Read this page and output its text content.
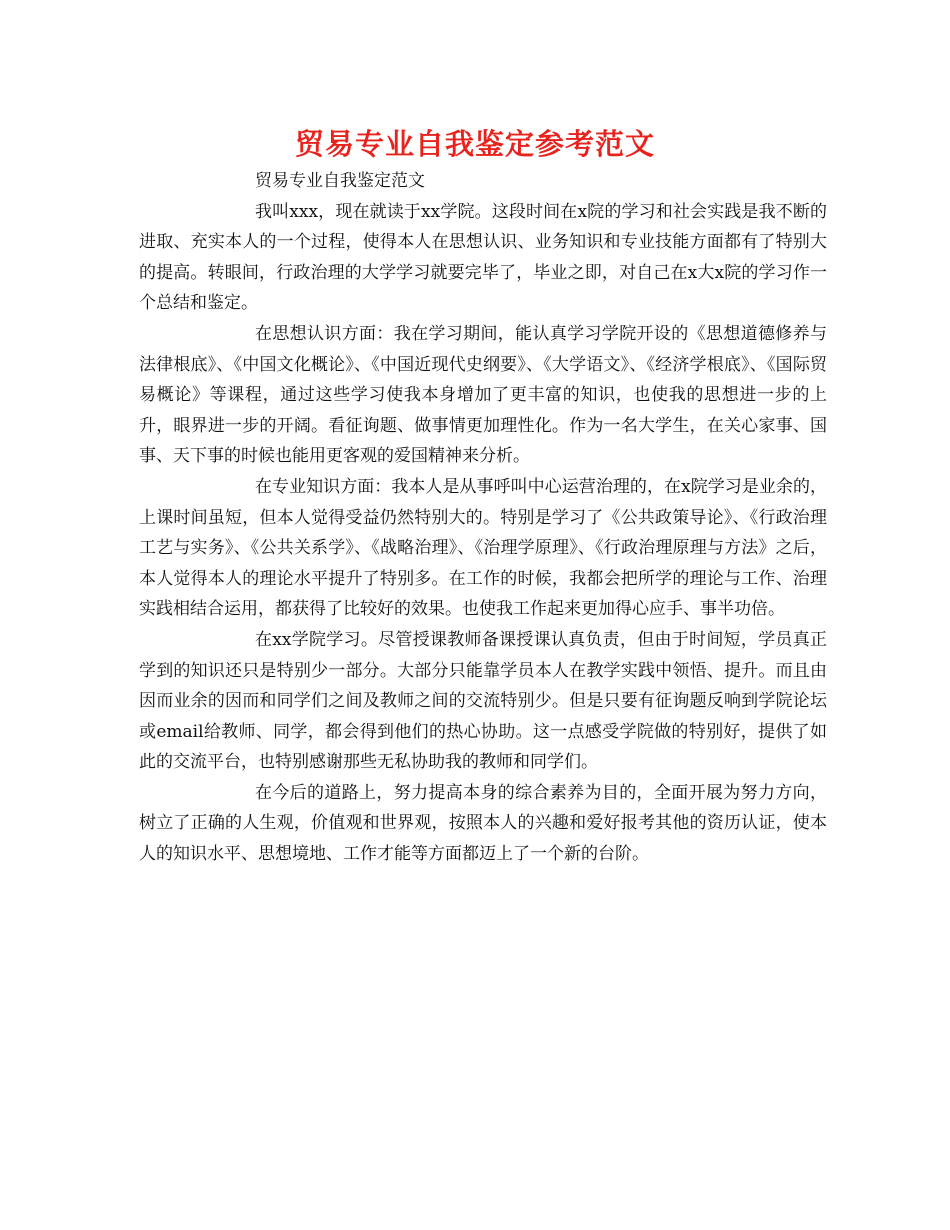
贸易专业自我鉴定参考范文

贸易专业自我鉴定范文

我叫xxx，现在就读于xx学院。这段时间在x院的学习和社会实践是我不断的进取、充实本人的一个过程，使得本人在思想认识、业务知识和专业技能方面都有了特别大的提高。转眼间，行政治理的大学学习就要完毕了，毕业之即，对自己在x大x院的学习作一个总结和鉴定。

在思想认识方面：我在学习期间，能认真学习学院开设的《思想道德修养与法律根底》、《中国文化概论》、《中国近现代史纲要》、《大学语文》、《经济学根底》、《国际贸易概论》等课程，通过这些学习使我本身增加了更丰富的知识，也使我的思想进一步的上升，眼界进一步的开阔。看征询题、做事情更加理性化。作为一名大学生，在关心家事、国事、天下事的时候也能用更客观的爱国精神来分析。

在专业知识方面：我本人是从事呼叫中心运营治理的，在x院学习是业余的，上课时间虽短，但本人觉得受益仍然特别大的。特别是学习了《公共政策导论》、《行政治理工艺与实务》、《公共关系学》、《战略治理》、《治理学原理》、《行政治理原理与方法》之后，本人觉得本人的理论水平提升了特别多。在工作的时候，我都会把所学的理论与工作、治理实践相结合运用，都获得了比较好的效果。也使我工作起来更加得心应手、事半功倍。

在xx学院学习。尽管授课教师备课授课认真负责，但由于时间短，学员真正学到的知识还只是特别少一部分。大部分只能靠学员本人在教学实践中领悟、提升。而且由因而业余的因而和同学们之间及教师之间的交流特别少。但是只要有征询题反响到学院论坛或email给教师、同学，都会得到他们的热心协助。这一点感受学院做的特别好，提供了如此的交流平台，也特别感谢那些无私协助我的教师和同学们。

在今后的道路上，努力提高本身的综合素养为目的，全面开展为努力方向，树立了正确的人生观，价值观和世界观，按照本人的兴趣和爱好报考其他的资历认证，使本人的知识水平、思想境地、工作才能等方面都迈上了一个新的台阶。
